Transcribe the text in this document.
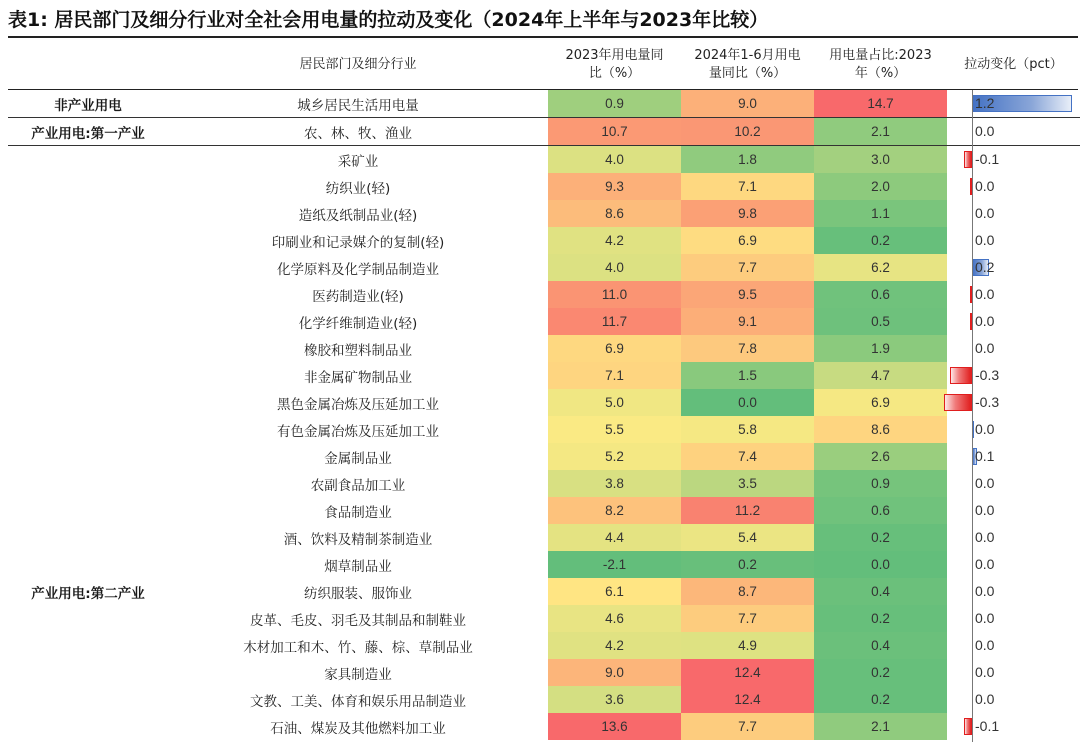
表1: 居民部门及细分行业对全社会用电量的拉动及变化（2024年上半年与2023年比较）
居民部门及细分行业
2023年用电量同
比（%）
2024年1-6月用电
量同比（%）
用电量占比:2023
年（%）
拉动变化（pct）
非产业用电	城乡居民生活用电量	0.9	9.0	14.7	1.2

产业用电:第一产业	农、林、牧、渔业	10.7	10.2	2.1	0.0

	采矿业	4.0	1.8	3.0	-0.1

	纺织业(轻)	9.3	7.1	2.0	0.0

	造纸及纸制品业(轻)	8.6	9.8	1.1	0.0

	印刷业和记录媒介的复制(轻)	4.2	6.9	0.2	0.0

	化学原料及化学制品制造业	4.0	7.7	6.2	0.2

	医药制造业(轻)	11.0	9.5	0.6	0.0

	化学纤维制造业(轻)	11.7	9.1	0.5	0.0

	橡胶和塑料制品业	6.9	7.8	1.9	0.0

	非金属矿物制品业	7.1	1.5	4.7	-0.3

	黑色金属冶炼及压延加工业	5.0	0.0	6.9	-0.3

	有色金属冶炼及压延加工业	5.5	5.8	8.6	0.0

	金属制品业	5.2	7.4	2.6	0.1

	农副食品加工业	3.8	3.5	0.9	0.0

	食品制造业	8.2	11.2	0.6	0.0

	酒、饮料及精制茶制造业	4.4	5.4	0.2	0.0

	烟草制品业	-2.1	0.2	0.0	0.0

产业用电:第二产业	纺织服装、服饰业	6.1	8.7	0.4	0.0

	皮革、毛皮、羽毛及其制品和制鞋业	4.6	7.7	0.2	0.0

	木材加工和木、竹、藤、棕、草制品业	4.2	4.9	0.4	0.0

	家具制造业	9.0	12.4	0.2	0.0

	文教、工美、体育和娱乐用品制造业	3.6	12.4	0.2	0.0

	石油、煤炭及其他燃料加工业	13.6	7.7	2.1	-0.1
